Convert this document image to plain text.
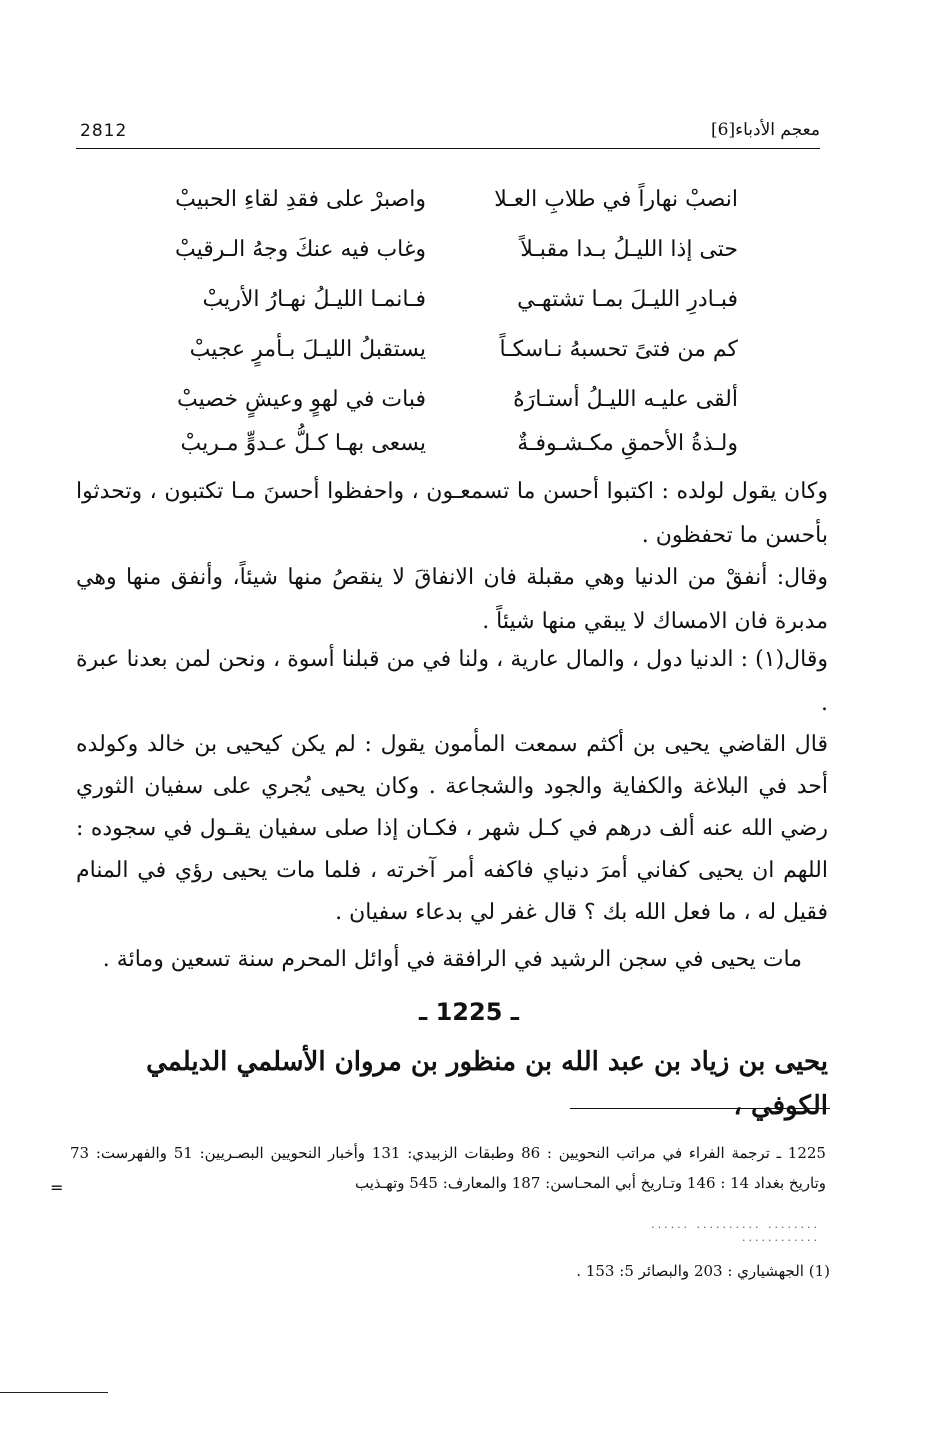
2812	معجم الأدباء[6]
انصبْ نهاراً في طلابِ العـلا
واصبرْ على فقدِ لقاءِ الحبيبْ
حتى إذا الليـلُ بـدا مقبـلاً
وغاب فيه عنكَ وجهُ الـرقيبْ
فبـادرِ الليـلَ بمـا تشتهـي
فـانمـا الليـلُ نهـارُ الأريبْ
كم من فتىً تحسبهُ نـاسكـاً
يستقبلُ الليـلَ بـأمرٍ عجيبْ
ألقى عليـه الليـلُ أستـارَهُ
فبات في لهوٍ وعيشٍ خصيبْ
ولـذةُ الأحمقِ مكـشـوفـةٌ
يسعى بهـا كـلُّ عـدوٍّ مـريبْ

وكان يقول لولده : اكتبوا أحسن ما تسمعـون ، واحفظوا أحسنَ مـا تكتبون ، وتحدثوا بأحسن ما تحفظون .

وقال: أنفقْ من الدنيا وهي مقبلة فان الانفاقَ لا ينقصُ منها شيئاً، وأنفق منها وهي مدبرة فان الامساك لا يبقي منها شيئاً .

وقال(١) : الدنيا دول ، والمال عارية ، ولنا في من قبلنا أسوة ، ونحن لمن بعدنا عبرة .

قال القاضي يحيى بن أكثم سمعت المأمون يقول : لم يكن كيحيى بن خالد وكولده أحد في البلاغة والكفاية والجود والشجاعة . وكان يحيى يُجري على سفيان الثوري رضي الله عنه ألف درهم في كـل شهر ، فكـان إذا صلى سفيان يقـول في سجوده : اللهم ان يحيى كفاني أمرَ دنياي فاكفه أمر آخرته ، فلما مات يحيى رؤي في المنام فقيل له ، ما فعل الله بك ؟ قال غفر لي بدعاء سفيان .

مات يحيى في سجن الرشيد في الرافقة في أوائل المحرم سنة تسعين ومائة .

ـ 1225 ـ
يحيى بن زياد بن عبد الله بن منظور بن مروان الأسلمي الديلمي الكوفي ،
1225 ـ ترجمة الفراء في مراتب النحويين : 86 وطبقات الزبيدي: 131 وأخبار النحويين البصـريين: 51 والفهرست: 73 وتاريخ بغداد 14 : 146 وتـاريخ أبي المحـاسن: 187 والمعارف: 545 وتهـذيب
=
........ .......... ...... ............
(1) الجهشياري : 203 والبصائر 5: 153 .
